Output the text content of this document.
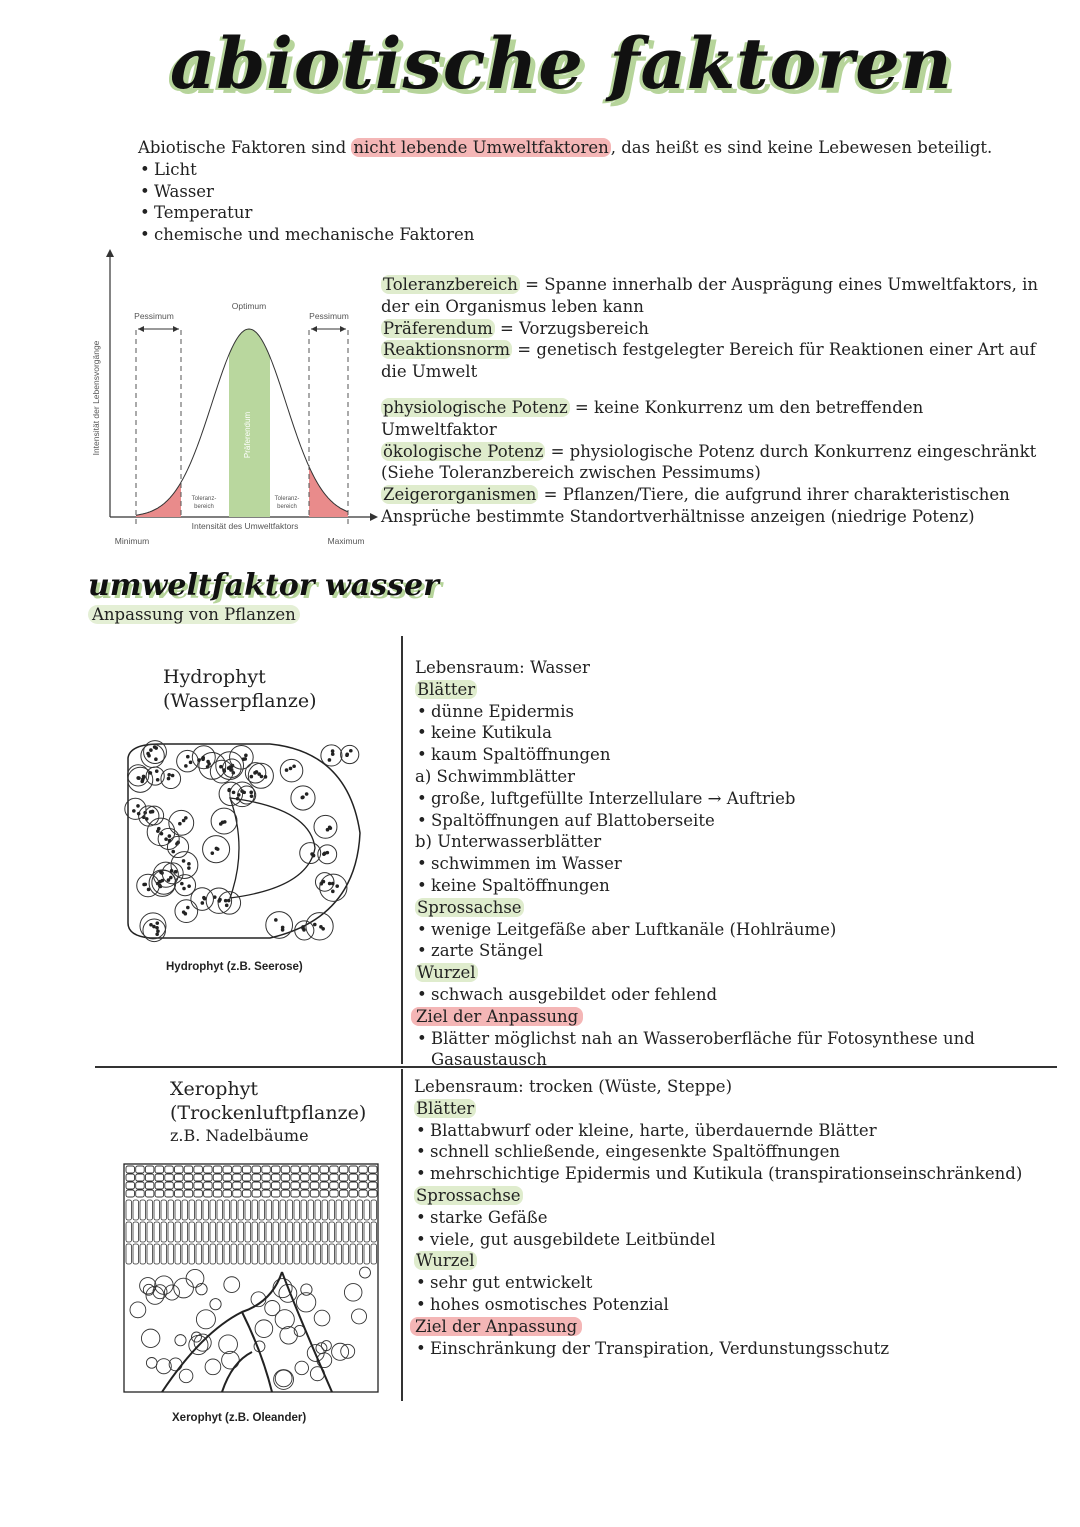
abiotische faktoren
Abiotische Faktoren sind nicht lebende Umweltfaktoren , das heißt es sind keine Lebewesen beteiligt.
• Licht
• Wasser
• Temperatur
• chemische und mechanische Faktoren
Pessimum	Pessimum
Optimum
Präferendum
Toleranz-
bereich
Toleranz-
bereich
Intensität des Umweltfaktors
Minimum	Maximum
Intensität der Lebensvorgänge
Toleranzbereich = Spanne innerhalb der Ausprägung eines Umweltfaktors, in der ein Organismus leben kann
Präferendum = Vorzugsbereich
Reaktionsnorm = genetisch festgelegter Bereich für Reaktionen einer Art auf die Umwelt
physiologische Potenz = keine Konkurrenz um den betreffenden Umweltfaktor
ökologische Potenz = physiologische Potenz durch Konkurrenz eingeschränkt (Siehe Toleranzbereich zwischen Pessimums)
Zeigerorganismen = Pflanzen/Tiere, die aufgrund ihrer charakteristischen Ansprüche bestimmte Standortverhältnisse anzeigen (niedrige Potenz)
umweltfaktor wasser
Anpassung von Pflanzen
Hydrophyt
(Wasserpflanze)
Hydrophyt (z.B. Seerose)
Lebensraum: Wasser
Blätter
• dünne Epidermis
• keine Kutikula
• kaum Spaltöffnungen
a) Schwimmblätter
• große, luftgefüllte Interzellulare → Auftrieb
• Spaltöffnungen auf Blattoberseite
b) Unterwasserblätter
• schwimmen im Wasser
• keine Spaltöffnungen
Sprossachse
• wenige Leitgefäße aber Luftkanäle (Hohlräume)
• zarte Stängel
Wurzel
• schwach ausgebildet oder fehlend
Ziel der Anpassung
• Blätter möglichst nah an Wasseroberfläche für Fotosynthese und Gasaustausch
Xerophyt
(Trockenluftpflanze)
z.B. Nadelbäume
Xerophyt (z.B. Oleander)
Lebensraum: trocken (Wüste, Steppe)
Blätter
• Blattabwurf oder kleine, harte, überdauernde Blätter
• schnell schließende, eingesenkte Spaltöffnungen
• mehrschichtige Epidermis und Kutikula (transpirationseinschränkend)
Sprossachse
• starke Gefäße
• viele, gut ausgebildete Leitbündel
Wurzel
• sehr gut entwickelt
• hohes osmotisches Potenzial
Ziel der Anpassung
• Einschränkung der Transpiration, Verdunstungsschutz
